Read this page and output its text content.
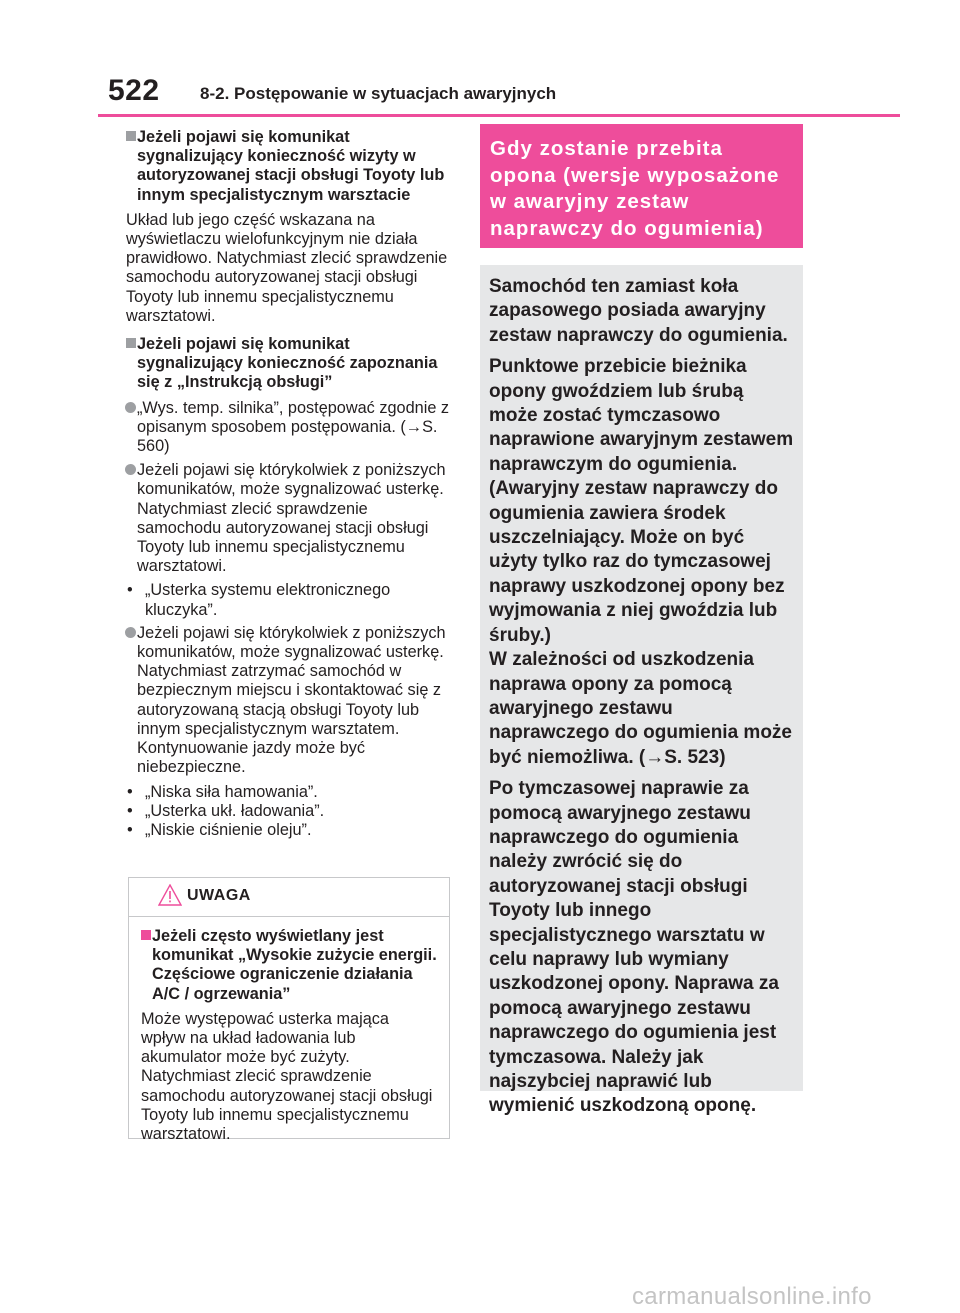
522 8-2. Postępowanie w sytuacjach awaryjnych
Jeżeli pojawi się komunikat sygnalizujący konieczność wizyty w autoryzowanej stacji obsługi Toyoty lub innym specjalistycznym warsztacie
Układ lub jego część wskazana na wyświetlaczu wielofunkcyjnym nie działa prawidłowo. Natychmiast zlecić sprawdzenie samochodu autoryzowanej stacji obsługi Toyoty lub innemu specjalistycznemu warsztatowi.
Jeżeli pojawi się komunikat sygnalizujący konieczność zapoznania się z „Instrukcją obsługi”
„Wys. temp. silnika”, postępować zgodnie z opisanym sposobem postępowania. (→S. 560)
Jeżeli pojawi się którykolwiek z poniższych komunikatów, może sygnalizować usterkę. Natychmiast zlecić sprawdzenie samochodu autoryzowanej stacji obsługi Toyoty lub innemu specjalistycznemu warsztatowi.
• „Usterka systemu elektronicznego kluczyka”.
Jeżeli pojawi się którykolwiek z poniższych komunikatów, może sygnalizować usterkę. Natychmiast zatrzymać samochód w bezpiecznym miejscu i skontaktować się z autoryzowaną stacją obsługi Toyoty lub innym specjalistycznym warsztatem. Kontynuowanie jazdy może być niebezpieczne.
• „Niska siła hamowania”.
• „Usterka ukł. ładowania”.
• „Niskie ciśnienie oleju”.
UWAGA
Jeżeli często wyświetlany jest komunikat „Wysokie zużycie energii. Częściowe ograniczenie działania A/C / ogrzewania”
Może występować usterka mająca wpływ na układ ładowania lub akumulator może być zużyty. Natychmiast zlecić sprawdzenie samochodu autoryzowanej stacji obsługi Toyoty lub innemu specjalistycznemu warsztatowi.
Gdy zostanie przebita opona (wersje wyposażone w awaryjny zestaw naprawczy do ogumienia)

Samochód ten zamiast koła zapasowego posiada awaryjny zestaw naprawczy do ogumienia.

Punktowe przebicie bieżnika opony gwoździem lub śrubą może zostać tymczasowo naprawione awaryjnym zestawem naprawczym do ogumienia. (Awaryjny zestaw naprawczy do ogumienia zawiera środek uszczelniający. Może on być użyty tylko raz do tymczasowej naprawy uszkodzonej opony bez wyjmowania z niej gwoździa lub śruby.)
W zależności od uszkodzenia naprawa opony za pomocą awaryjnego zestawu naprawczego do ogumienia może być niemożliwa. (→S. 523)

Po tymczasowej naprawie za pomocą awaryjnego zestawu naprawczego do ogumienia należy zwrócić się do autoryzowanej stacji obsługi Toyoty lub innego specjalistycznego warsztatu w celu naprawy lub wymiany uszkodzonej opony. Naprawa za pomocą awaryjnego zestawu naprawczego do ogumienia jest tymczasowa. Należy jak najszybciej naprawić lub wymienić uszkodzoną oponę.

carmanualsonline.info
